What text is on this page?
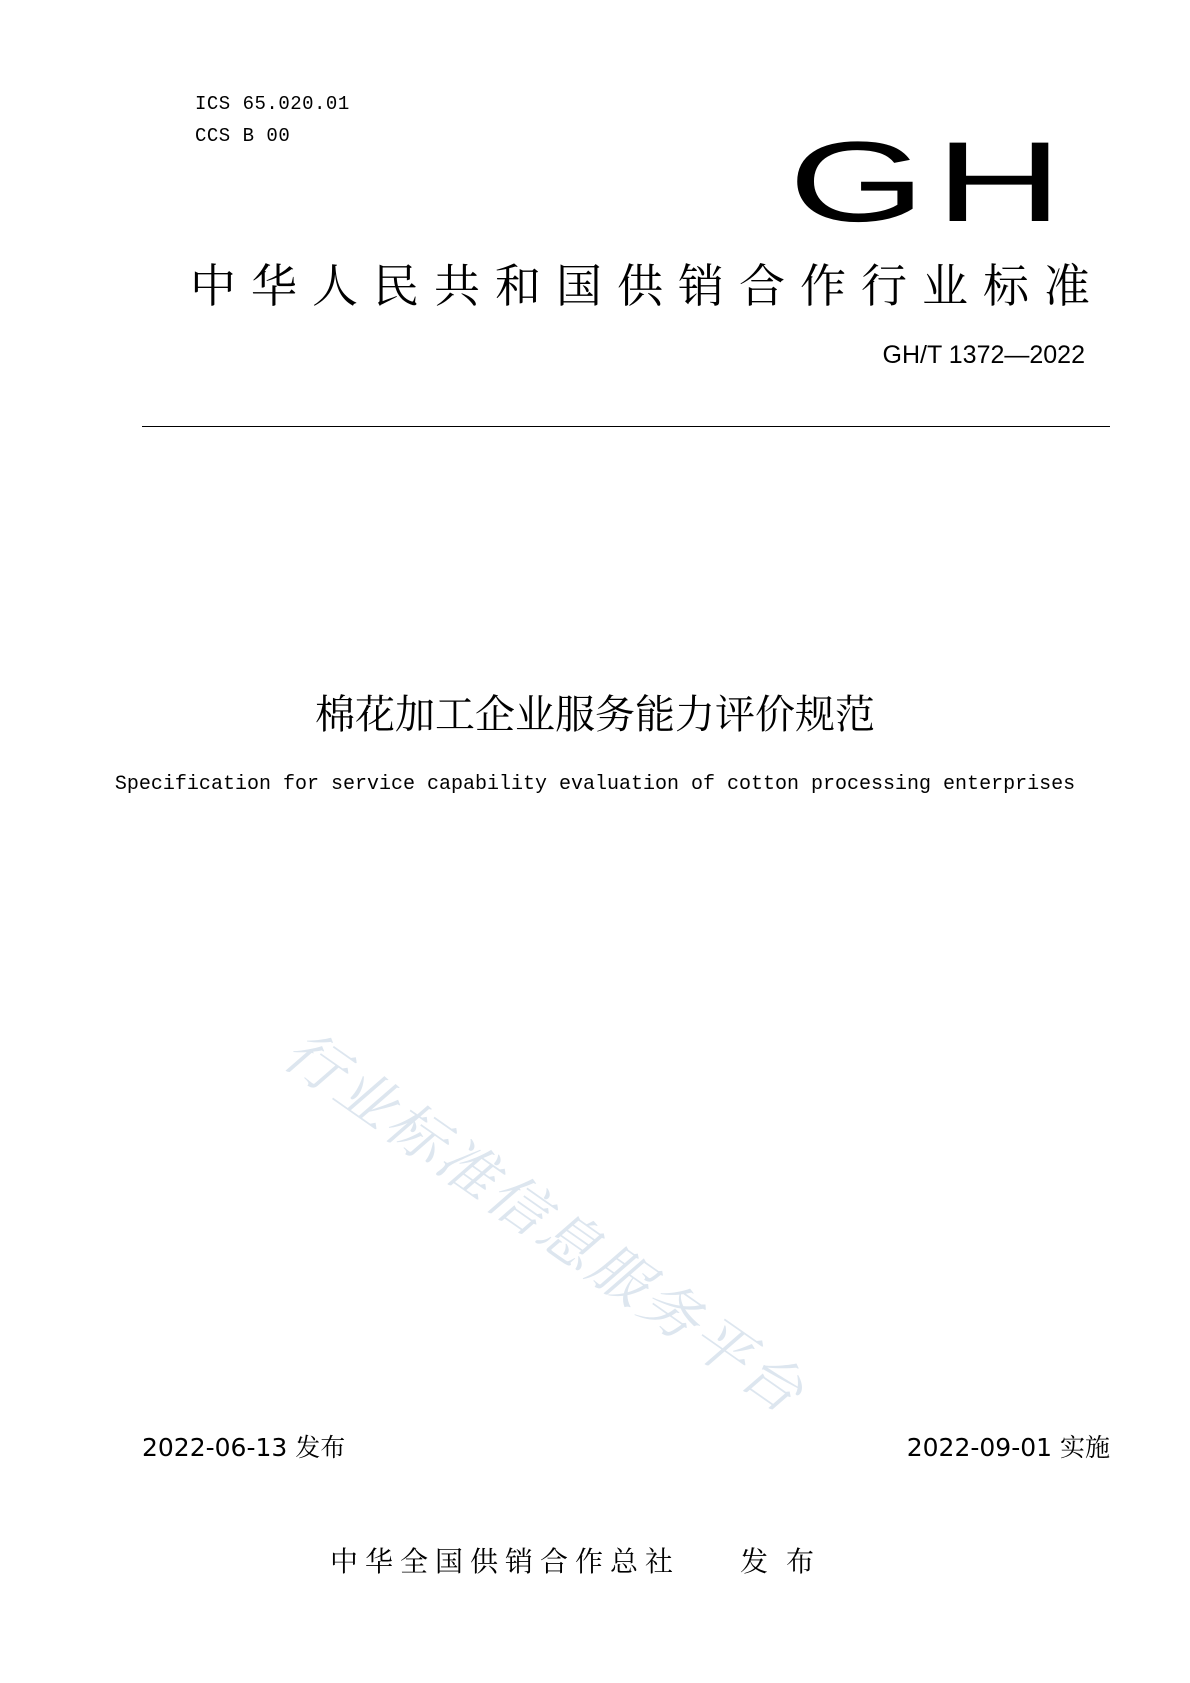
ICS 65.020.01
CCS B 00	GH
中华人民共和国供销合作行业标准
GH/T 1372—2022
棉花加工企业服务能力评价规范
Specification for service capability evaluation of cotton processing enterprises
行业标准信息服务平台
2022-06-13 发布	2022-09-01 实施
中华全国供销合作总社 发布
